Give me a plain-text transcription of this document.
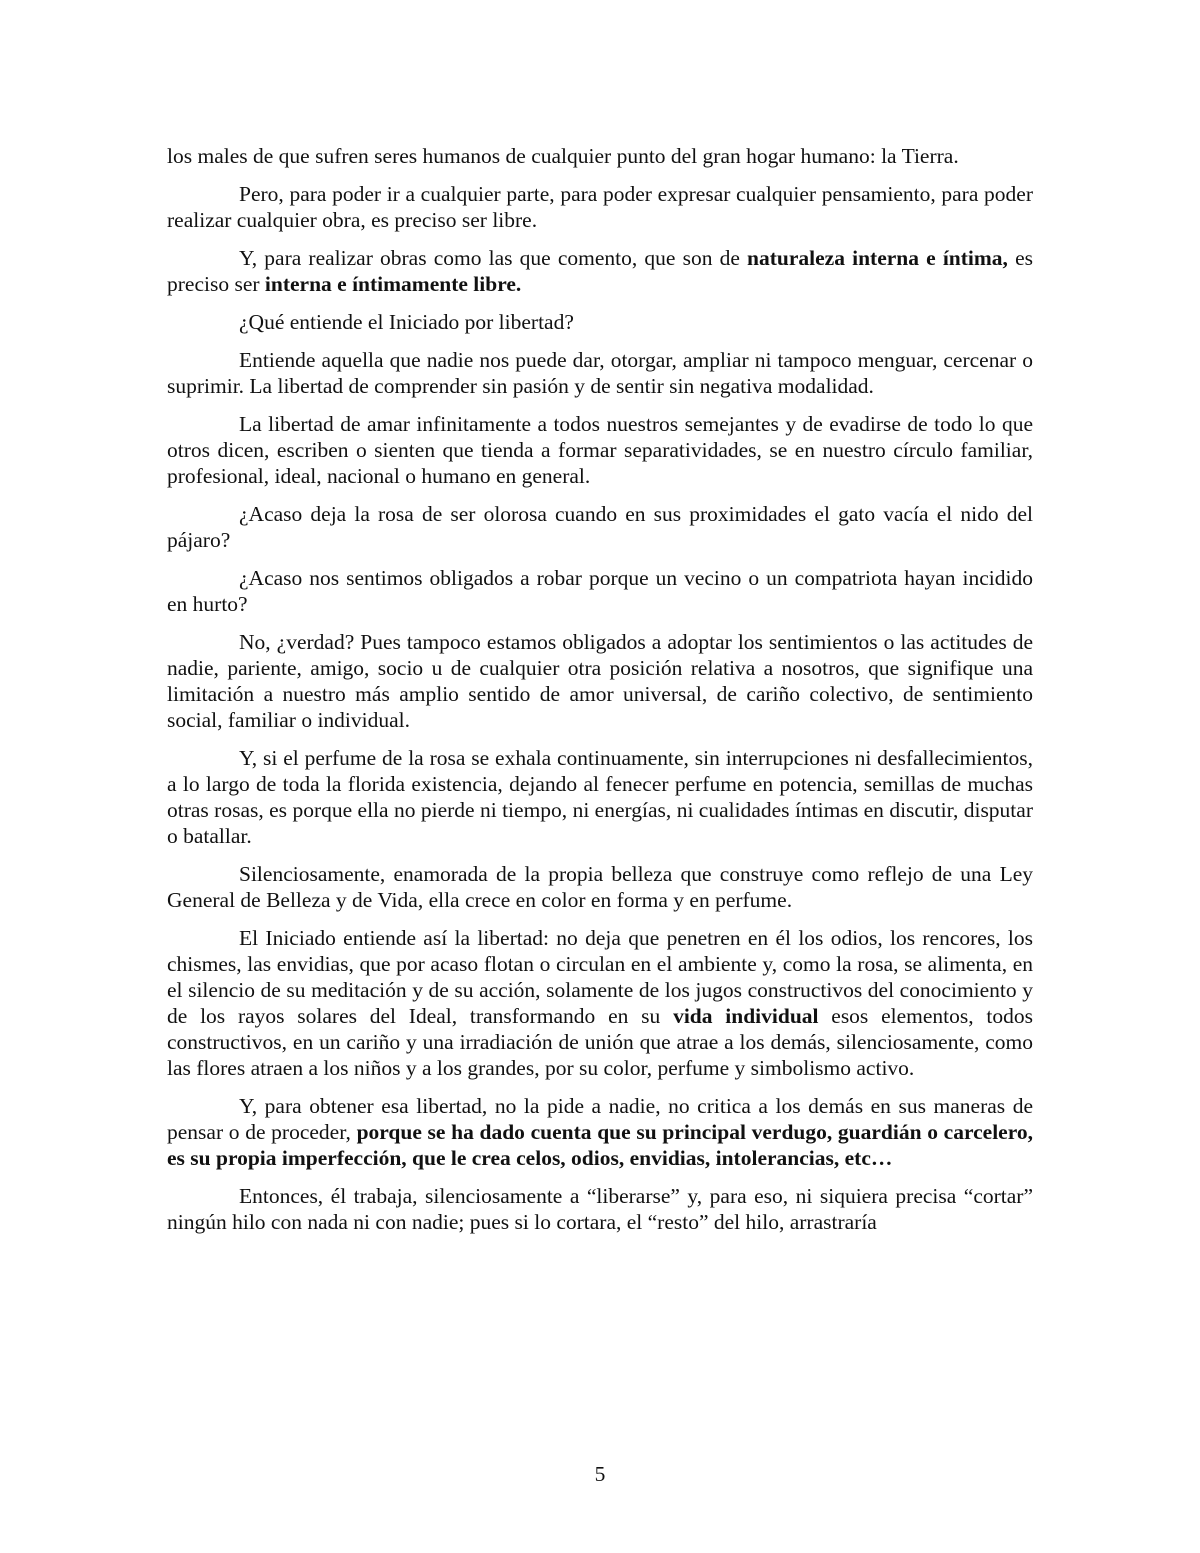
los males de que sufren seres humanos de cualquier punto del gran hogar humano: la Tierra.

Pero, para poder ir a cualquier parte, para poder expresar cualquier pensamiento, para poder realizar cualquier obra, es preciso ser libre.

Y, para realizar obras como las que comento, que son de naturaleza interna e íntima, es preciso ser interna e íntimamente libre.

¿Qué entiende el Iniciado por libertad?

Entiende aquella que nadie nos puede dar, otorgar, ampliar ni tampoco menguar, cercenar o suprimir. La libertad de comprender sin pasión y de sentir sin negativa modalidad.

La libertad de amar infinitamente a todos nuestros semejantes y de evadirse de todo lo que otros dicen, escriben o sienten que tienda a formar separatividades, se en nuestro círculo familiar, profesional, ideal, nacional o humano en general.

¿Acaso deja la rosa de ser olorosa cuando en sus proximidades el gato vacía el nido del pájaro?

¿Acaso nos sentimos obligados a robar porque un vecino o un compatriota hayan incidido en hurto?

No, ¿verdad? Pues tampoco estamos obligados a adoptar los sentimientos o las actitudes de nadie, pariente, amigo, socio u de cualquier otra posición relativa a nosotros, que signifique una limitación a nuestro más amplio sentido de amor universal, de cariño colectivo, de sentimiento social, familiar o individual.

Y, si el perfume de la rosa se exhala continuamente, sin interrupciones ni desfallecimientos, a lo largo de toda la florida existencia, dejando al fenecer perfume en potencia, semillas de muchas otras rosas, es porque ella no pierde ni tiempo, ni energías, ni cualidades íntimas en discutir, disputar o batallar.

Silenciosamente, enamorada de la propia belleza que construye como reflejo de una Ley General de Belleza y de Vida, ella crece en color en forma y en perfume.

El Iniciado entiende así la libertad: no deja que penetren en él los odios, los rencores, los chismes, las envidias, que por acaso flotan o circulan en el ambiente y, como la rosa, se alimenta, en el silencio de su meditación y de su acción, solamente de los jugos constructivos del conocimiento y de los rayos solares del Ideal, transformando en su vida individual esos elementos, todos constructivos, en un cariño y una irradiación de unión que atrae a los demás, silenciosamente, como las flores atraen a los niños y a los grandes, por su color, perfume y simbolismo activo.

Y, para obtener esa libertad, no la pide a nadie, no critica a los demás en sus maneras de pensar o de proceder, porque se ha dado cuenta que su principal verdugo, guardián o carcelero, es su propia imperfección, que le crea celos, odios, envidias, intolerancias, etc…

Entonces, él trabaja, silenciosamente a “liberarse” y, para eso, ni siquiera precisa “cortar” ningún hilo con nada ni con nadie; pues si lo cortara, el “resto” del hilo, arrastraría

5
